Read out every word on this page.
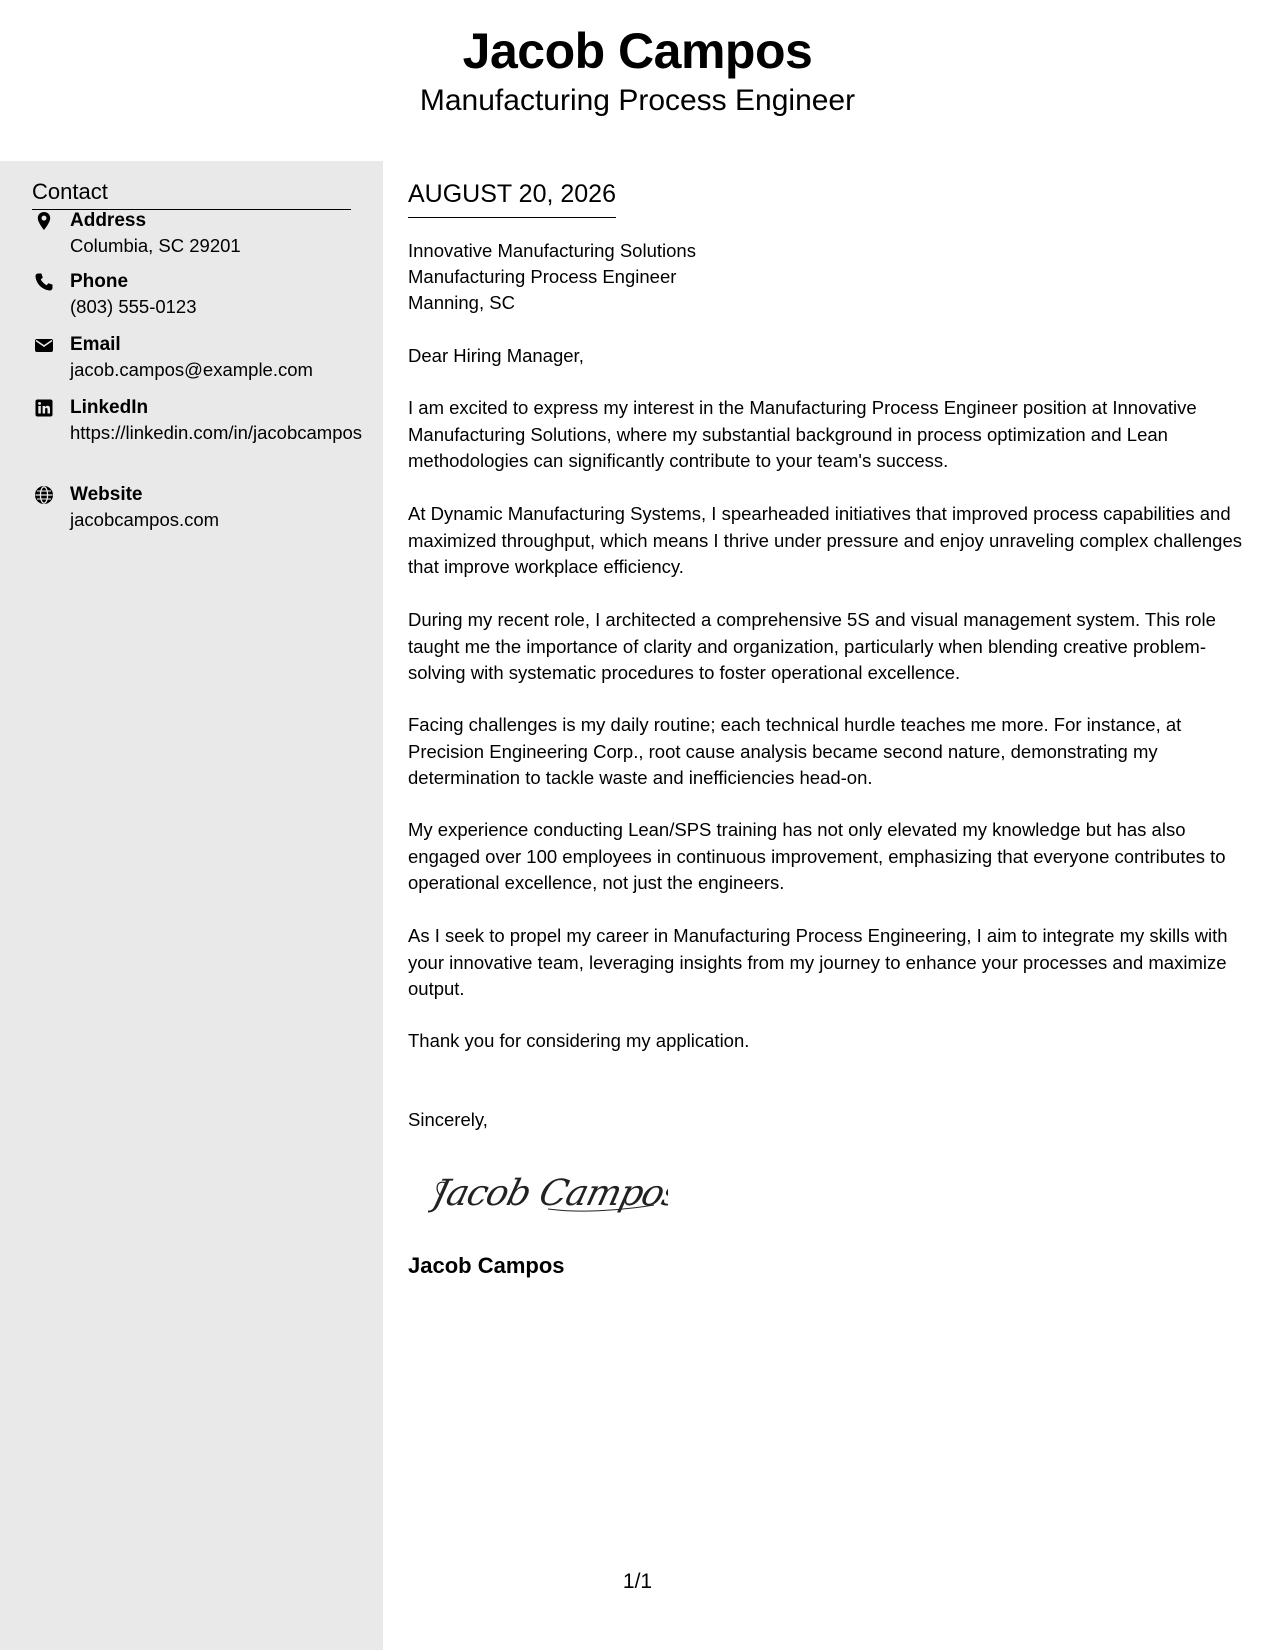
Jacob Campos
Manufacturing Process Engineer
Contact
Address
Columbia, SC 29201
Phone
(803) 555-0123
Email
jacob.campos@example.com
LinkedIn
https://linkedin.com/in/jacobcampos
Website
jacobcampos.com
AUGUST 20, 2026
Innovative Manufacturing Solutions
Manufacturing Process Engineer
Manning, SC
Dear Hiring Manager,
I am excited to express my interest in the Manufacturing Process Engineer position at Innovative Manufacturing Solutions, where my substantial background in process optimization and Lean methodologies can significantly contribute to your team's success.
At Dynamic Manufacturing Systems, I spearheaded initiatives that improved process capabilities and maximized throughput, which means I thrive under pressure and enjoy unraveling complex challenges that improve workplace efficiency.
During my recent role, I architected a comprehensive 5S and visual management system. This role taught me the importance of clarity and organization, particularly when blending creative problem-solving with systematic procedures to foster operational excellence.
Facing challenges is my daily routine; each technical hurdle teaches me more. For instance, at Precision Engineering Corp., root cause analysis became second nature, demonstrating my determination to tackle waste and inefficiencies head-on.
My experience conducting Lean/SPS training has not only elevated my knowledge but has also engaged over 100 employees in continuous improvement, emphasizing that everyone contributes to operational excellence, not just the engineers.
As I seek to propel my career in Manufacturing Process Engineering, I aim to integrate my skills with your innovative team, leveraging insights from my journey to enhance your processes and maximize output.
Thank you for considering my application.
Sincerely,
Jacob Campos
Jacob Campos
1/1
